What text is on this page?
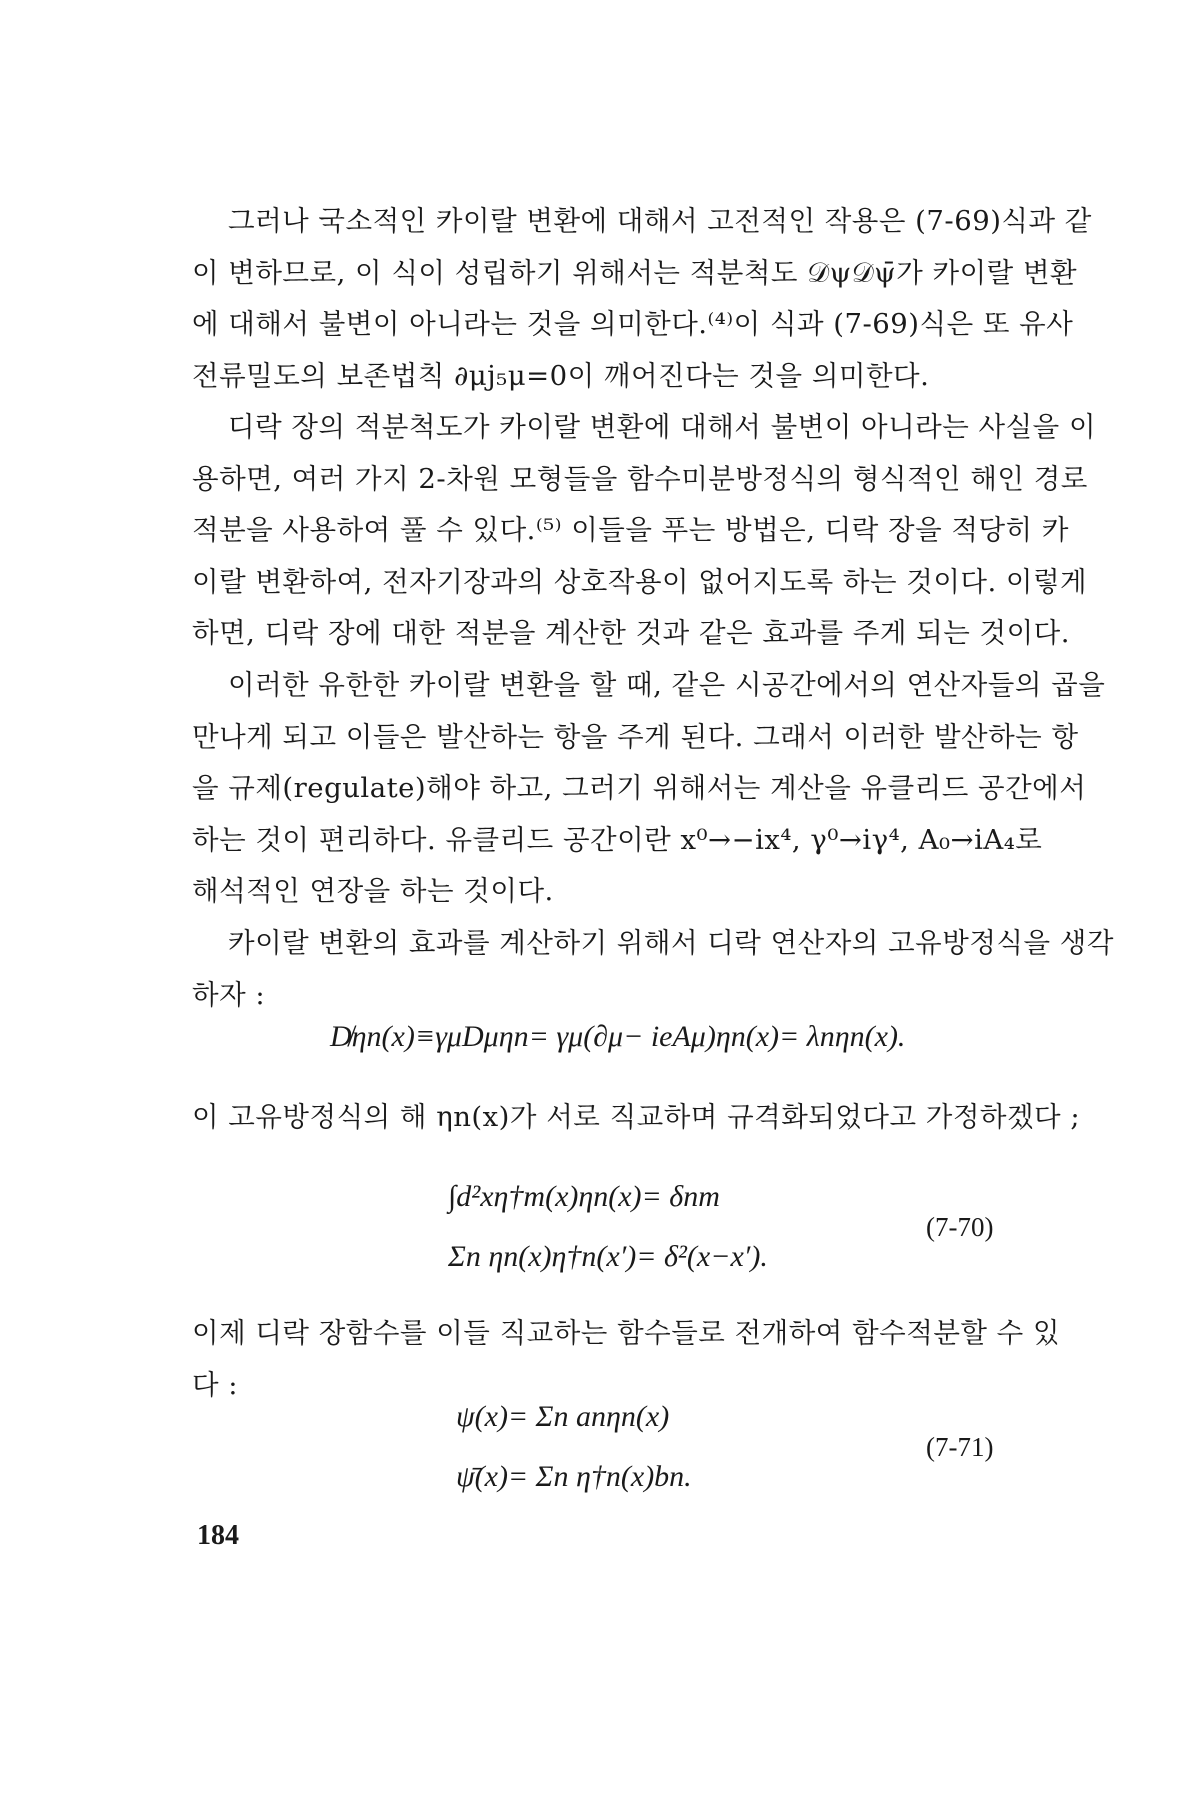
그러나 국소적인 카이랄 변환에 대해서 고전적인 작용은 (7-69)식과 같
이 변하므로, 이 식이 성립하기 위해서는 적분척도 𝒟ψ𝒟ψ̄가 카이랄 변환
에 대해서 불변이 아니라는 것을 의미한다.⁽⁴⁾이 식과 (7-69)식은 또 유사
전류밀도의 보존법칙 ∂μj₅μ=0이 깨어진다는 것을 의미한다.

디락 장의 적분척도가 카이랄 변환에 대해서 불변이 아니라는 사실을 이
용하면, 여러 가지 2-차원 모형들을 함수미분방정식의 형식적인 해인 경로
적분을 사용하여 풀 수 있다.⁽⁵⁾ 이들을 푸는 방법은, 디락 장을 적당히 카
이랄 변환하여, 전자기장과의 상호작용이 없어지도록 하는 것이다. 이렇게
하면, 디락 장에 대한 적분을 계산한 것과 같은 효과를 주게 되는 것이다.

이러한 유한한 카이랄 변환을 할 때, 같은 시공간에서의 연산자들의 곱을
만나게 되고 이들은 발산하는 항을 주게 된다. 그래서 이러한 발산하는 항
을 규제(regulate)해야 하고, 그러기 위해서는 계산을 유클리드 공간에서
하는 것이 편리하다. 유클리드 공간이란 x⁰→−ix⁴, γ⁰→iγ⁴, A₀→iA₄로
해석적인 연장을 하는 것이다.

카이랄 변환의 효과를 계산하기 위해서 디락 연산자의 고유방정식을 생각
하자 :

D̸ηn(x)≡γμDμηn= γμ(∂μ− ieAμ)ηn(x)= λnηn(x).

이 고유방정식의 해 ηn(x)가 서로 직교하며 규격화되었다고 가정하겠다 ;

∫d²xη†m(x)ηn(x)= δnm
Σn ηn(x)η†n(x′)= δ²(x−x′).
(7-70)

이제 디락 장함수를 이들 직교하는 함수들로 전개하여 함수적분할 수 있
다 :

ψ(x)= Σn anηn(x)
ψ̄(x)= Σn η†n(x)bn.
(7-71)
184
